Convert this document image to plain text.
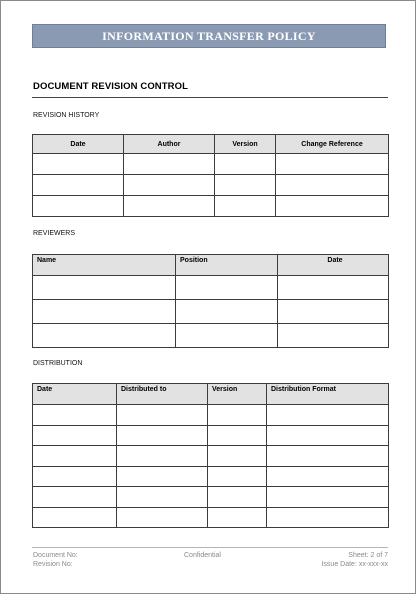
INFORMATION TRANSFER POLICY
DOCUMENT REVISION CONTROL
REVISION HISTORY
Date	Author	Version	Change Reference

REVIEWERS
Name	Position	Date

DISTRIBUTION
Date	Distributed to	Version	Distribution Format

Document No:
Revision No:
Confidential	Sheet: 2 of 7
Issue Date: xx-xxx-xx
